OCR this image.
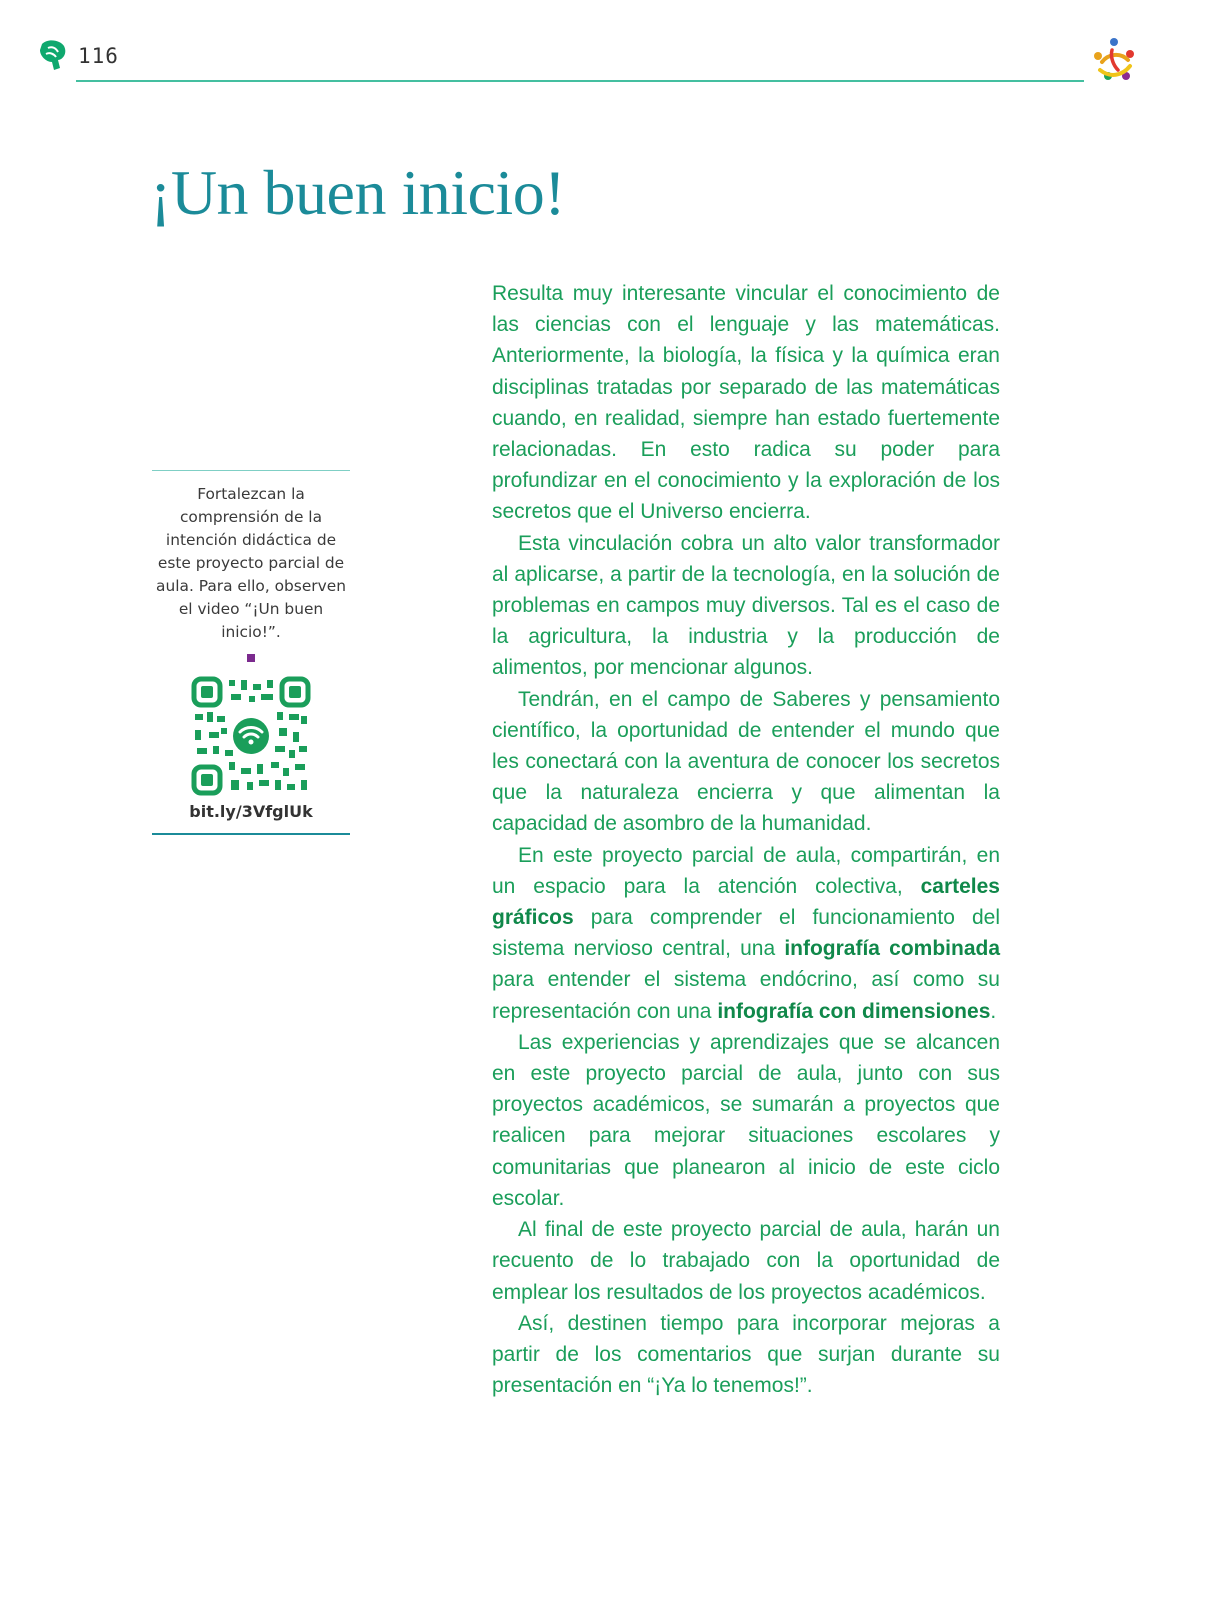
116
¡Un buen inicio!

Fortalezcan la comprensión de la intención didáctica de este proyecto parcial de aula. Para ello, observen el video “¡Un buen inicio!”.

bit.ly/3VfglUk

Resulta muy interesante vincular el conocimiento de las ciencias con el lenguaje y las matemáticas. Anteriormente, la biología, la física y la química eran disciplinas tratadas por separado de las matemáticas cuando, en realidad, siempre han estado fuertemente relacionadas. En esto radica su poder para profundizar en el conocimiento y la exploración de los secretos que el Universo encierra.

Esta vinculación cobra un alto valor transformador al aplicarse, a partir de la tecnología, en la solución de problemas en campos muy diversos. Tal es el caso de la agricultura, la industria y la producción de alimentos, por mencionar algunos.

Tendrán, en el campo de Saberes y pensamiento científico, la oportunidad de entender el mundo que les conectará con la aventura de conocer los secretos que la naturaleza encierra y que alimentan la capacidad de asombro de la humanidad.

En este proyecto parcial de aula, compartirán, en un espacio para la atención colectiva, carteles gráficos para comprender el funcionamiento del sistema nervioso central, una infografía combinada para entender el sistema endócrino, así como su representación con una infografía con dimensiones.

Las experiencias y aprendizajes que se alcancen en este proyecto parcial de aula, junto con sus proyectos académicos, se sumarán a proyectos que realicen para mejorar situaciones escolares y comunitarias que planearon al inicio de este ciclo escolar.

Al final de este proyecto parcial de aula, harán un recuento de lo trabajado con la oportunidad de emplear los resultados de los proyectos académicos.

Así, destinen tiempo para incorporar mejoras a partir de los comentarios que surjan durante su presentación en “¡Ya lo tenemos!”.
